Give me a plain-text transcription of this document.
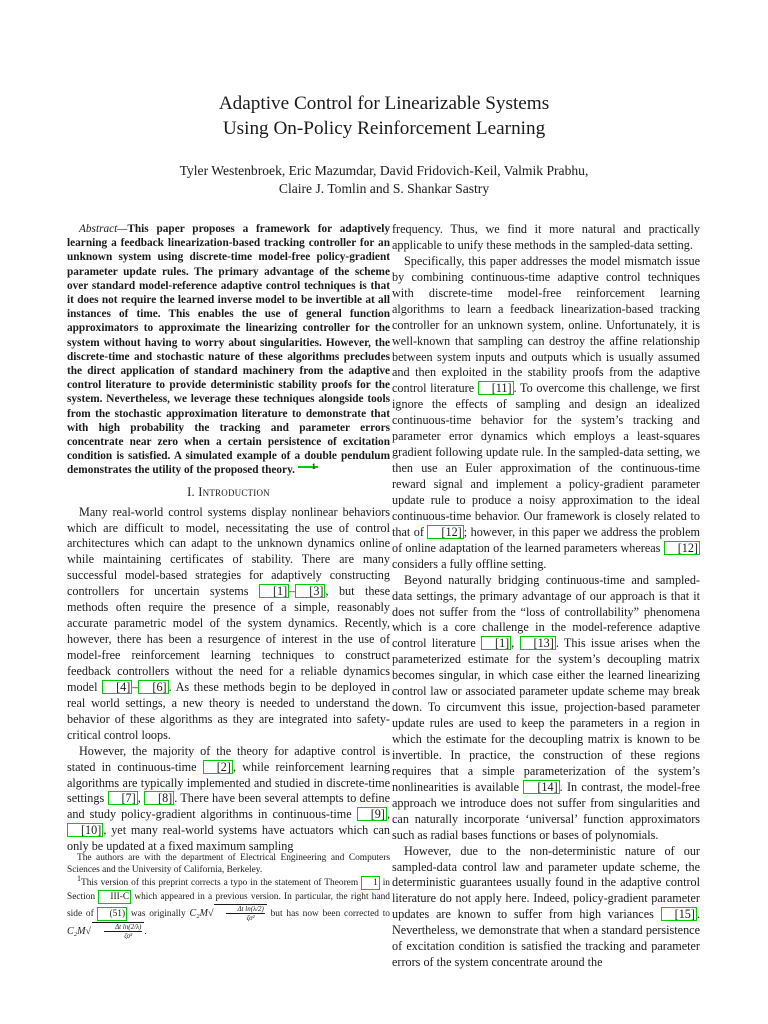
Adaptive Control for Linearizable Systems
Using On-Policy Reinforcement Learning
Tyler Westenbroek, Eric Mazumdar, David Fridovich-Keil, Valmik Prabhu,
Claire J. Tomlin and S. Shankar Sastry

Abstract—This paper proposes a framework for adaptively learning a feedback linearization-based tracking controller for an unknown system using discrete-time model-free policy-gradient parameter update rules. The primary advantage of the scheme over standard model-reference adaptive control techniques is that it does not require the learned inverse model to be invertible at all instances of time. This enables the use of general function approximators to approximate the linearizing controller for the system without having to worry about singularities. However, the discrete-time and stochastic nature of these algorithms precludes the direct application of standard machinery from the adaptive control literature to provide deterministic stability proofs for the system. Nevertheless, we leverage these techniques alongside tools from the stochastic approximation literature to demonstrate that with high probability the tracking and parameter errors concentrate near zero when a certain persistence of excitation condition is satisfied. A simulated example of a double pendulum demonstrates the utility of the proposed theory. 1

I. Introduction

Many real-world control systems display nonlinear behaviors which are difficult to model, necessitating the use of control architectures which can adapt to the unknown dynamics online while maintaining certificates of stability. There are many successful model-based strategies for adaptively constructing controllers for uncertain systems [1] – [3] , but these methods often require the presence of a simple, reasonably accurate parametric model of the system dynamics. Recently, however, there has been a resurgence of interest in the use of model-free reinforcement learning techniques to construct feedback controllers without the need for a reliable dynamics model [4] – [6] . As these methods begin to be deployed in real world settings, a new theory is needed to understand the behavior of these algorithms as they are integrated into safety-critical control loops.

However, the majority of the theory for adaptive control is stated in continuous-time [2] , while reinforcement learning algorithms are typically implemented and studied in discrete-time settings [7] , [8] . There have been several attempts to define and study policy-gradient algorithms in continuous-time [9] , [10] , yet many real-world systems have actuators which can only be updated at a fixed maximum sampling

The authors are with the department of Electrical Engineering and Computers Sciences and the University of California, Berkeley.

1This version of this preprint corrects a typo in the statement of Theorem 1 in Section III-C which appeared in a previous version. In particular, the right hand side of (51) was originally $C_2M√ \frac{\text{Δt ln(λ/2)}}{\text{ζσ²}}$ but has now been corrected to $C_2M√ \frac{\text{Δt ln(2/λ)}}{\text{ζσ²}}$ .

frequency. Thus, we find it more natural and practically applicable to unify these methods in the sampled-data setting.

Specifically, this paper addresses the model mismatch issue by combining continuous-time adaptive control techniques with discrete-time model-free reinforcement learning algorithms to learn a feedback linearization-based tracking controller for an unknown system, online. Unfortunately, it is well-known that sampling can destroy the affine relationship between system inputs and outputs which is usually assumed and then exploited in the stability proofs from the adaptive control literature [11] . To overcome this challenge, we first ignore the effects of sampling and design an idealized continuous-time behavior for the system’s tracking and parameter error dynamics which employs a least-squares gradient following update rule. In the sampled-data setting, we then use an Euler approximation of the continuous-time reward signal and implement a policy-gradient parameter update rule to produce a noisy approximation to the ideal continuous-time behavior. Our framework is closely related to that of [12] ; however, in this paper we address the problem of online adaptation of the learned parameters whereas [12] considers a fully offline setting.

Beyond naturally bridging continuous-time and sampled-data settings, the primary advantage of our approach is that it does not suffer from the “loss of controllability” phenomena which is a core challenge in the model-reference adaptive control literature [1] , [13] . This issue arises when the parameterized estimate for the system’s decoupling matrix becomes singular, in which case either the learned linearizing control law or associated parameter update scheme may break down. To circumvent this issue, projection-based parameter update rules are used to keep the parameters in a region in which the estimate for the decoupling matrix is known to be invertible. In practice, the construction of these regions requires that a simple parameterization of the system’s nonlinearities is available [14] . In contrast, the model-free approach we introduce does not suffer from singularities and can naturally incorporate ‘universal’ function approximators such as radial bases functions or bases of polynomials.

However, due to the non-deterministic nature of our sampled-data control law and parameter update scheme, the deterministic guarantees usually found in the adaptive control literature do not apply here. Indeed, policy-gradient parameter updates are known to suffer from high variances [15] . Nevertheless, we demonstrate that when a standard persistence of excitation condition is satisfied the tracking and parameter errors of the system concentrate around the
